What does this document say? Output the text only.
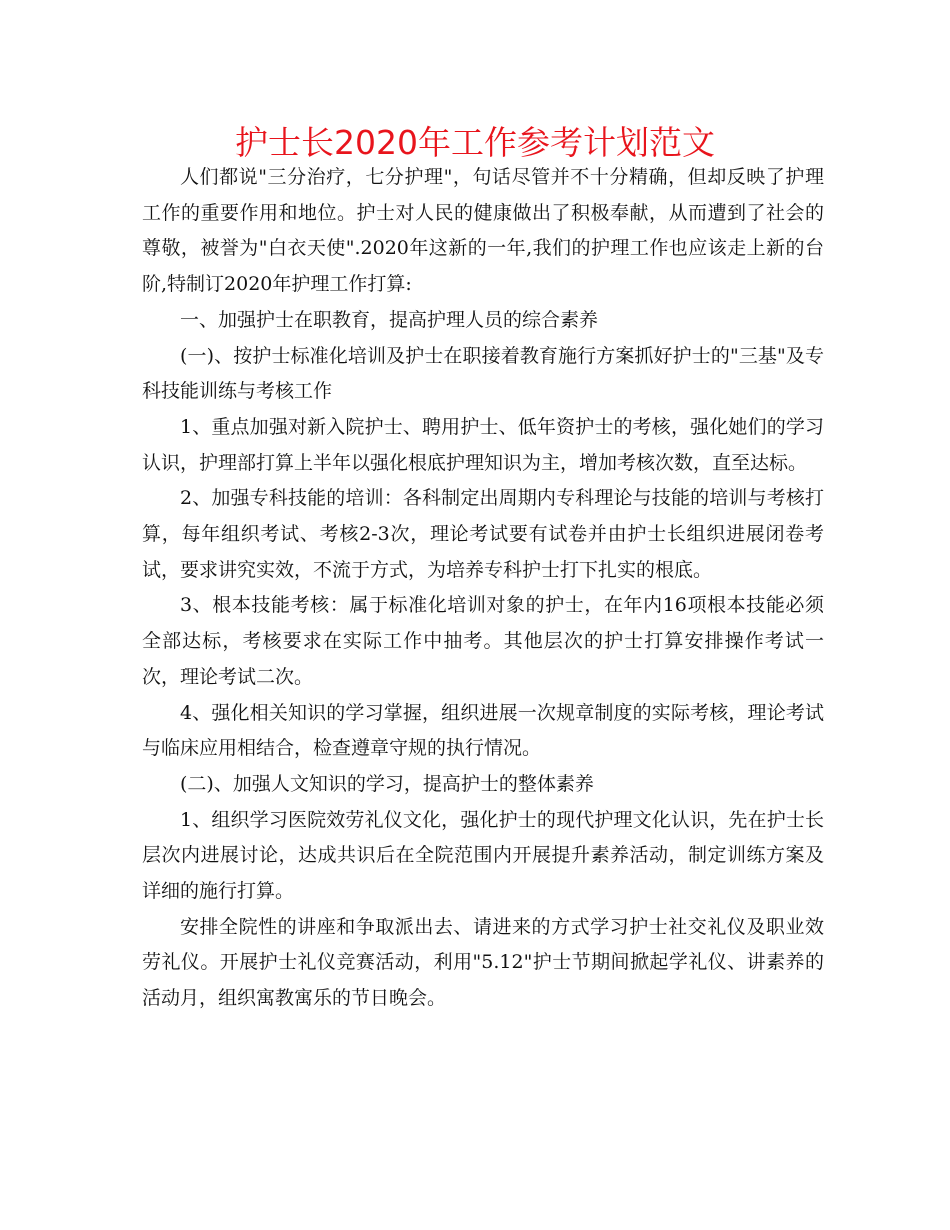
护士长2020年工作参考计划范文

人们都说"三分治疗，七分护理"，句话尽管并不十分精确，但却反映了护理工作的重要作用和地位。护士对人民的健康做出了积极奉献，从而遭到了社会的尊敬，被誉为"白衣天使".2020年这新的一年,我们的护理工作也应该走上新的台阶,特制订2020年护理工作打算:

一、加强护士在职教育，提高护理人员的综合素养

(一)、按护士标准化培训及护士在职接着教育施行方案抓好护士的"三基"及专科技能训练与考核工作

1、重点加强对新入院护士、聘用护士、低年资护士的考核，强化她们的学习认识，护理部打算上半年以强化根底护理知识为主，增加考核次数，直至达标。

2、加强专科技能的培训：各科制定出周期内专科理论与技能的培训与考核打算，每年组织考试、考核2-3次，理论考试要有试卷并由护士长组织进展闭卷考试，要求讲究实效，不流于方式，为培养专科护士打下扎实的根底。

3、根本技能考核：属于标准化培训对象的护士，在年内16项根本技能必须全部达标，考核要求在实际工作中抽考。其他层次的护士打算安排操作考试一次，理论考试二次。

4、强化相关知识的学习掌握，组织进展一次规章制度的实际考核，理论考试与临床应用相结合，检查遵章守规的执行情况。

(二)、加强人文知识的学习，提高护士的整体素养

1、组织学习医院效劳礼仪文化，强化护士的现代护理文化认识，先在护士长层次内进展讨论，达成共识后在全院范围内开展提升素养活动，制定训练方案及详细的施行打算。

安排全院性的讲座和争取派出去、请进来的方式学习护士社交礼仪及职业效劳礼仪。开展护士礼仪竞赛活动，利用"5.12"护士节期间掀起学礼仪、讲素养的活动月，组织寓教寓乐的节日晚会。
